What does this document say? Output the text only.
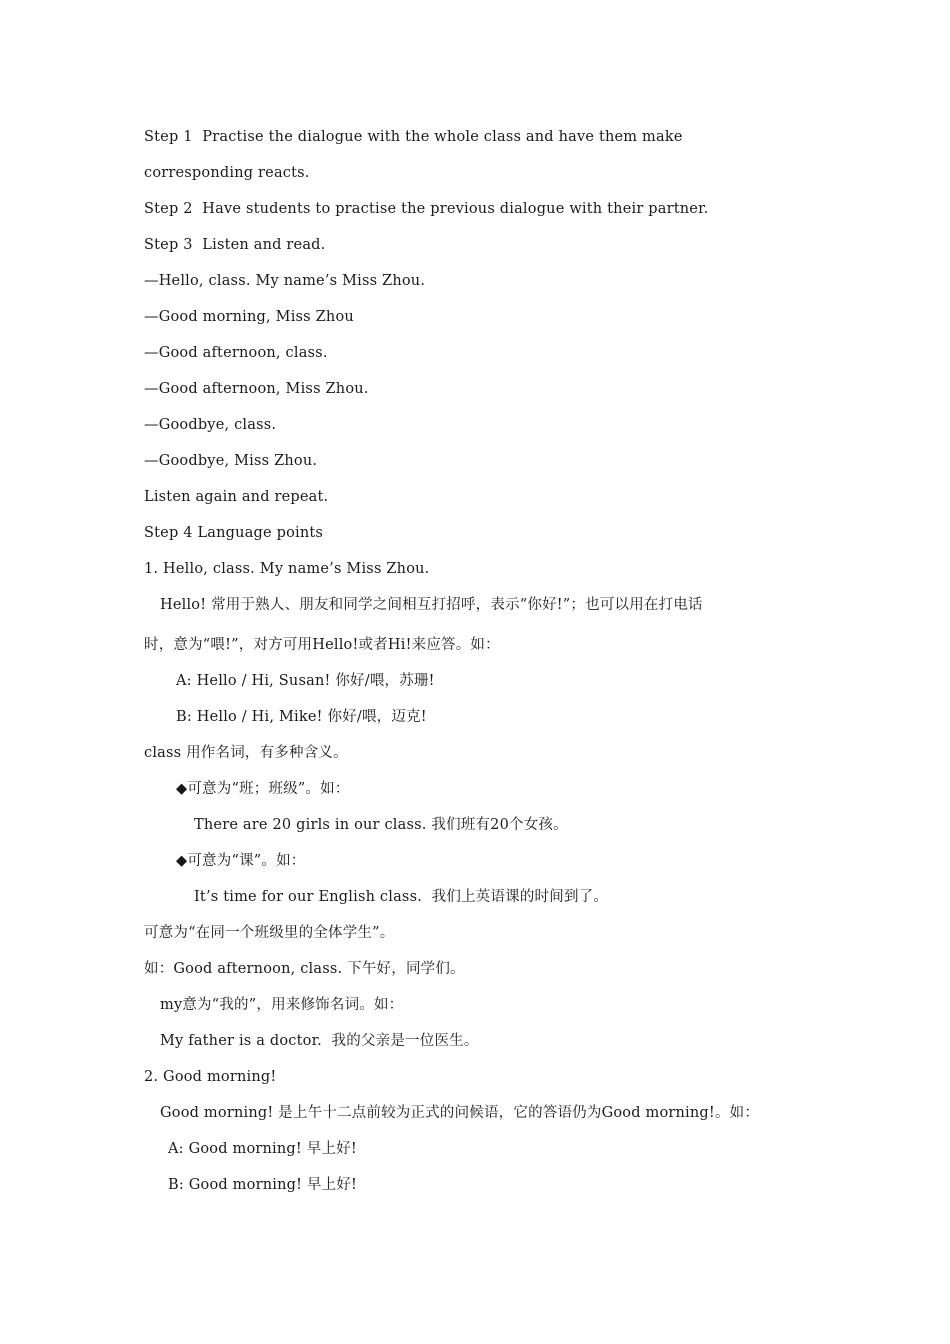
Step 1  Practise the dialogue with the whole class and have them make
corresponding reacts.
Step 2  Have students to practise the previous dialogue with their partner.
Step 3  Listen and read.
—Hello, class. My name’s Miss Zhou.
—Good morning, Miss Zhou
—Good afternoon, class.
—Good afternoon, Miss Zhou.
—Goodbye, class.
—Goodbye, Miss Zhou.
Listen again and repeat.
Step 4 Language points
1. Hello, class. My name’s Miss Zhou.
Hello! 常用于熟人、朋友和同学之间相互打招呼，表示“你好!”；也可以用在打电话
时，意为“喂!”，对方可用Hello!或者Hi!来应答。如：
A: Hello / Hi, Susan! 你好/喂，苏珊!
B: Hello / Hi, Mike! 你好/喂，迈克!
class 用作名词，有多种含义。
◆可意为“班；班级”。如：
There are 20 girls in our class. 我们班有20个女孩。
◆可意为“课”。如：
It’s time for our English class.  我们上英语课的时间到了。
可意为“在同一个班级里的全体学生”。
如：Good afternoon, class. 下午好，同学们。
my意为“我的”，用来修饰名词。如：
My father is a doctor.  我的父亲是一位医生。
2. Good morning!
Good morning! 是上午十二点前较为正式的问候语，它的答语仍为Good morning!。如：
A: Good morning! 早上好!
B: Good morning! 早上好!
